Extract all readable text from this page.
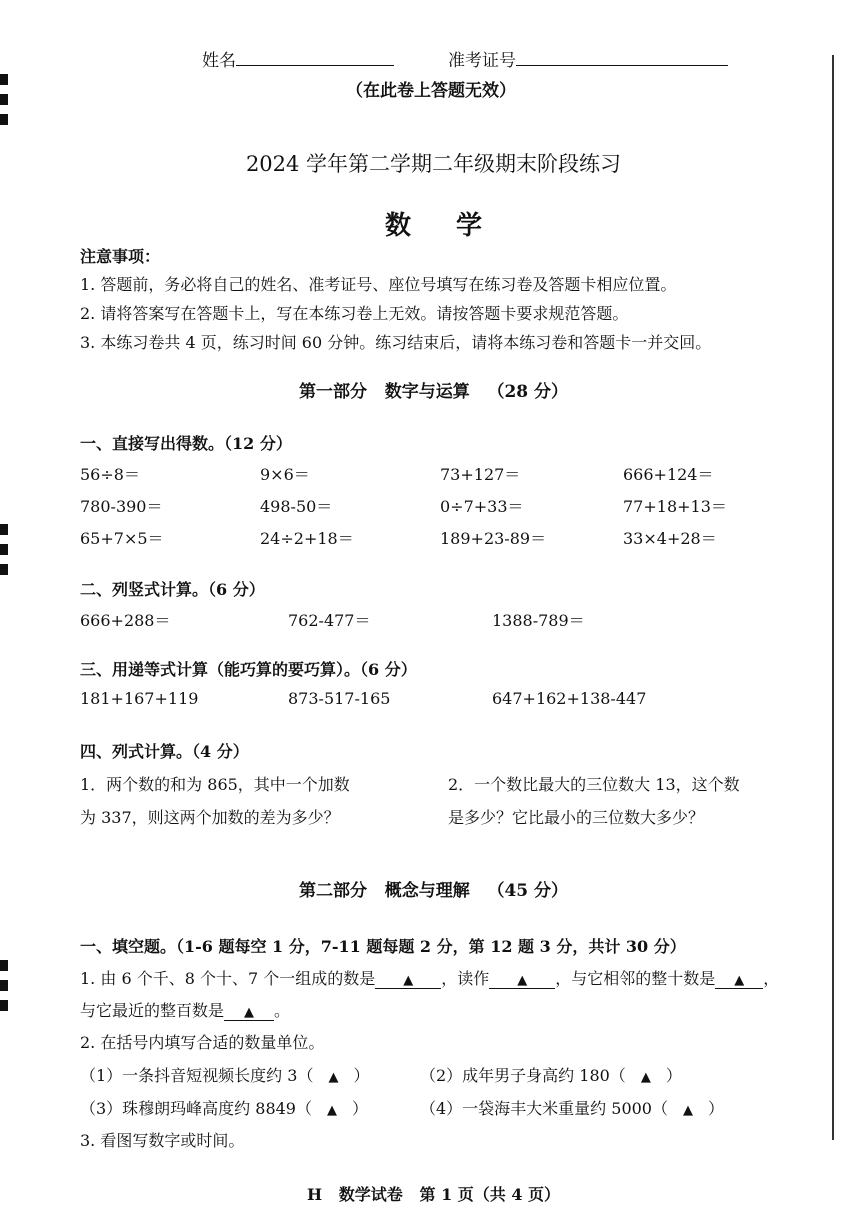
姓名	准考证号
（在此卷上答题无效）
2024 学年第二学期二年级期末阶段练习
数 学
注意事项：
1. 答题前，务必将自己的姓名、准考证号、座位号填写在练习卷及答题卡相应位置。
2. 请将答案写在答题卡上，写在本练习卷上无效。请按答题卡要求规范答题。
3. 本练习卷共 4 页，练习时间 60 分钟。练习结束后，请将本练习卷和答题卡一并交回。
第一部分   数字与运算   （28 分）
一、直接写出得数。（12 分）
56÷8＝	9×6＝	73+127＝	666+124＝
780-390＝	498-50＝	0÷7+33＝	77+18+13＝
65+7×5＝	24÷2+18＝	189+23-89＝	33×4+28＝
二、列竖式计算。（6 分）
666+288＝	762-477＝	1388-789＝
三、用递等式计算（能巧算的要巧算）。（6 分）
181+167+119	873-517-165	647+162+138-447
四、列式计算。（4 分）
1．两个数的和为 865，其中一个加数
为 337，则这两个加数的差为多少？
2．一个数比最大的三位数大 13，这个数
是多少？它比最小的三位数大多少？
第二部分   概念与理解   （45 分）
一、填空题。（1-6 题每空 1 分，7-11 题每题 2 分，第 12 题 3 分，共计 30 分）
1. 由 6 个千、8 个十、7 个一组成的数是 ▲ ，读作 ▲ ，与它相邻的整十数是 ▲ ，
与它最近的整百数是 ▲ 。
2. 在括号内填写合适的数量单位。
（1）一条抖音短视频长度约 3（ ▲ ）	（2）成年男子身高约 180（ ▲ ）
（3）珠穆朗玛峰高度约 8849（ ▲ ）	（4）一袋海丰大米重量约 5000（ ▲ ）
3. 看图写数字或时间。
H   数学试卷   第 1 页（共 4 页）
